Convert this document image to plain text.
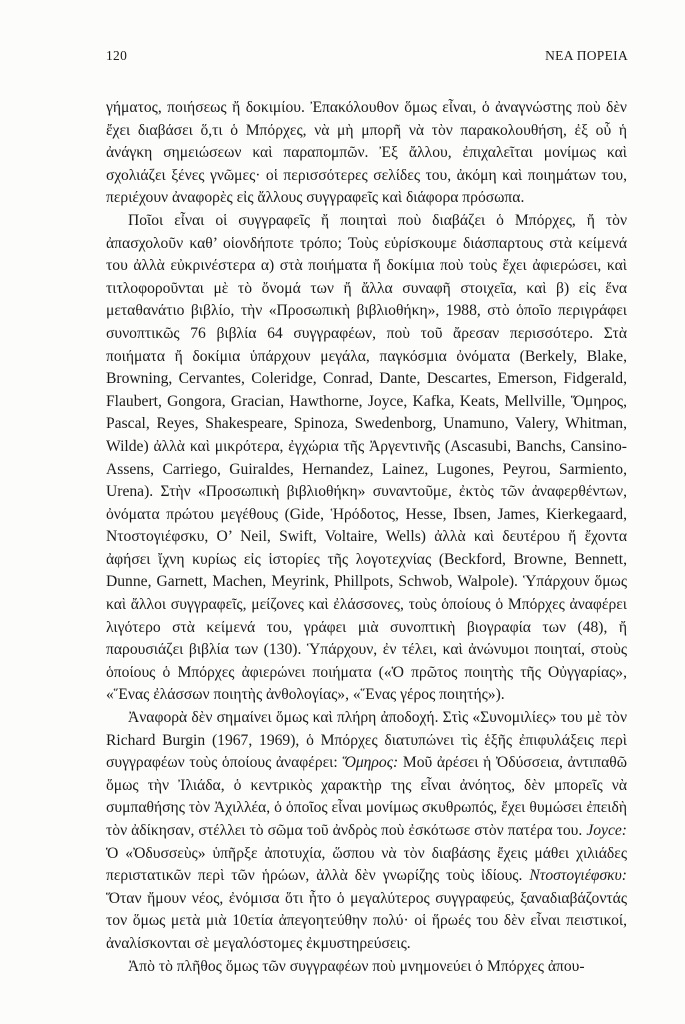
120	ΝΕΑ ΠΟΡΕΙΑ

γήματος, ποιήσεως ἤ δοκιμίου. Ἐπακόλουθον ὅμως εἶναι, ὁ ἀναγνώστης ποὺ δὲν ἔχει διαβάσει ὅ,τι ὁ Μπόρχες, νὰ μὴ μπορῆ νὰ τὸν παρακολουθήση, ἐξ οὗ ἡ ἀνάγκη σημειώσεων καὶ παραπομπῶν. Ἐξ ἄλλου, ἐπιχαλεῖται μονίμως καὶ σχολιάζει ξένες γνῶμες· οἱ περισσότερες σελίδες του, ἀκόμη καὶ ποιημάτων του, περιέχουν ἀναφορὲς εἰς ἄλλους συγγραφεῖς καὶ διάφορα πρόσωπα.

Ποῖοι εἶναι οἱ συγγραφεῖς ἤ ποιηταὶ ποὺ διαβάζει ὁ Μπόρχες, ἤ τὸν ἀπασχολοῦν καθ’ οἱονδήποτε τρόπο; Τοὺς εὑρίσκουμε διάσπαρτους στὰ κείμενά του ἀλλὰ εὐκρινέστερα α) στὰ ποιήματα ἤ δοκίμια ποὺ τοὺς ἔχει ἀφιερώσει, καὶ τιτλοφοροῦνται μὲ τὸ ὄνομά των ἤ ἄλλα συναφῆ στοιχεῖα, καὶ β) εἰς ἕνα μεταθανάτιο βιβλίο, τὴν «Προσωπικὴ βιβλιοθήκη», 1988, στὸ ὁποῖο περιγράφει συνοπτικῶς 76 βιβλία 64 συγγραφέων, ποὺ τοῦ ἄρεσαν περισσότερο. Στὰ ποιήματα ἤ δοκίμια ὑπάρχουν μεγάλα, παγκόσμια ὀνόματα (Berkely, Blake, Browning, Cervantes, Coleridge, Conrad, Dante, Descartes, Emerson, Fidgerald, Flaubert, Gongora, Gracian, Hawthorne, Joyce, Kafka, Keats, Mellville, Ὅμηρος, Pascal, Reyes, Shakespeare, Spinoza, Swedenborg, Unamuno, Valery, Whitman, Wilde) ἀλλὰ καὶ μικρότερα, ἐγχώρια τῆς Ἀργεντινῆς (Ascasubi, Banchs, Cansino-Assens, Carriego, Guiraldes, Hernandez, Lainez, Lugones, Peyrou, Sarmiento, Urena). Στὴν «Προσωπικὴ βιβλιοθήκη» συναντοῦμε, ἐκτὸς τῶν ἀναφερθέντων, ὀνόματα πρώτου μεγέθους (Gide, Ἡρόδοτος, Hesse, Ibsen, James, Kierkegaard, Ντοστογιέφσκυ, O’ Neil, Swift, Voltaire, Wells) ἀλλὰ καὶ δευτέρου ἤ ἔχοντα ἀφήσει ἴχνη κυρίως εἰς ἱστορίες τῆς λογοτεχνίας (Beckford, Browne, Bennett, Dunne, Garnett, Machen, Meyrink, Phillpots, Schwob, Walpole). Ὑπάρχουν ὅμως καὶ ἄλλοι συγγραφεῖς, μείζονες καὶ ἐλάσσονες, τοὺς ὁποίους ὁ Μπόρχες ἀναφέρει λιγότερο στὰ κείμενά του, γράφει μιὰ συνοπτικὴ βιογραφία των (48), ἤ παρουσιάζει βιβλία των (130). Ὑπάρχουν, ἐν τέλει, καὶ ἀνώνυμοι ποιηταί, στοὺς ὁποίους ὁ Μπόρχες ἀφιερώνει ποιήματα («Ὁ πρῶτος ποιητὴς τῆς Οὐγγαρίας», «Ἕνας ἐλάσσων ποιητὴς ἀνθολογίας», «Ἕνας γέρος ποιητής»).

Ἀναφορὰ δὲν σημαίνει ὅμως καὶ πλήρη ἀποδοχή. Στὶς «Συνομιλίες» του μὲ τὸν Richard Burgin (1967, 1969), ὁ Μπόρχες διατυπώνει τὶς ἑξῆς ἐπιφυλάξεις περὶ συγγραφέων τοὺς ὁποίους ἀναφέρει: Ὅμηρος: Μοῦ ἀρέσει ἡ Ὀδύσσεια, ἀντιπαθῶ ὅμως τὴν Ἰλιάδα, ὁ κεντρικὸς χαρακτὴρ της εἶναι ἀνόητος, δὲν μπορεῖς νὰ συμπαθήσης τὸν Ἀχιλλέα, ὁ ὁποῖος εἶναι μονίμως σκυθρωπός, ἔχει θυμώσει ἐπειδὴ τὸν ἀδίκησαν, στέλλει τὸ σῶμα τοῦ ἀνδρὸς ποὺ ἐσκότωσε στὸν πατέρα του. Joyce: Ὁ «Ὀδυσσεὺς» ὑπῆρξε ἀποτυχία, ὥσπου νὰ τὸν διαβάσης ἔχεις μάθει χιλιάδες περιστατικῶν περὶ τῶν ἡρώων, ἀλλὰ δὲν γνωρίζης τοὺς ἰδίους. Ντοστογιέφσκυ: Ὅταν ἤμουν νέος, ἐνόμισα ὅτι ἦτο ὁ μεγαλύτερος συγγραφεύς, ξαναδιαβάζοντάς τον ὅμως μετὰ μιὰ 10ετία ἀπεγοητεύθην πολύ· οἱ ἥρωές του δὲν εἶναι πειστικοί, ἀναλίσκονται σὲ μεγαλόστομες ἐκμυστηρεύσεις.

Ἀπὸ τὸ πλῆθος ὅμως τῶν συγγραφέων ποὺ μνημονεύει ὁ Μπόρχες ἀπου-
